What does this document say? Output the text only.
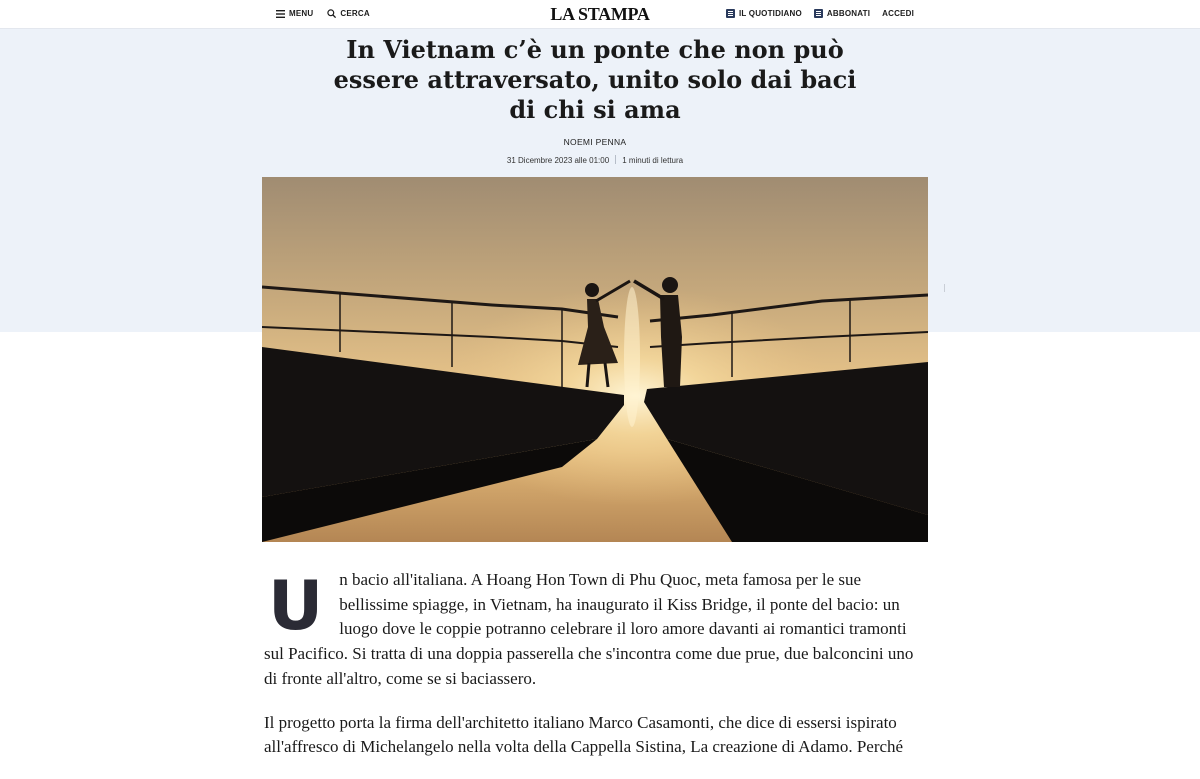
MENU	CERCA	LA STAMPA	IL QUOTIDIANO	ABBONATI ACCEDI
In Vietnam c’è un ponte che non può essere attraversato, unito solo dai baci di chi si ama
NOEMI PENNA
31 Dicembre 2023 alle 01:00 1 minuti di lettura

Un bacio all'italiana. A Hoang Hon Town di Phu Quoc, meta famosa per le sue bellissime spiagge, in Vietnam, ha inaugurato il Kiss Bridge, il ponte del bacio: un luogo dove le coppie potranno celebrare il loro amore davanti ai romantici tramonti sul Pacifico. Si tratta di una doppia passerella che s'incontra come due prue, due balconcini uno di fronte all'altro, come se si baciassero.

Il progetto porta la firma dell'architetto italiano Marco Casamonti, che dice di essersi ispirato all'affresco di Michelangelo nella volta della Cappella Sistina, La creazione di Adamo. Perché
